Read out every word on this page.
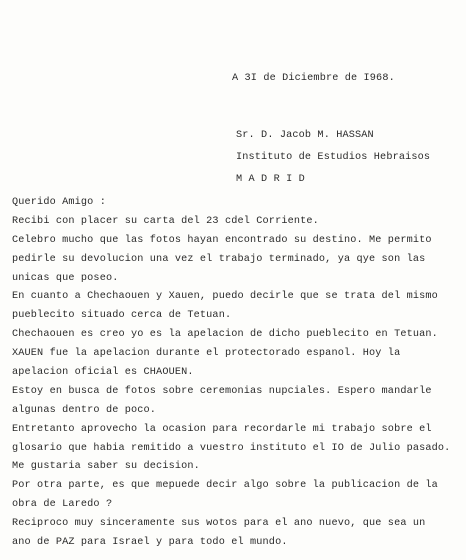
A 3I de Diciembre de I968.
Sr. D. Jacob M. HASSAN
Instituto de Estudios Hebraisos
M A D R I D
Querido Amigo :
Recibi con placer su carta del 23 cdel Corriente.
Celebro mucho que las fotos hayan encontrado su destino. Me permito
pedirle su devolucion una vez el trabajo terminado, ya qye son las
unicas que poseo.
En cuanto a Chechaouen y Xauen, puedo decirle que se trata del mismo
pueblecito situado cerca de Tetuan.
Chechaouen es creo yo es la apelacion de dicho pueblecito en Tetuan.
XAUEN fue la apelacion durante el protectorado espanol. Hoy la
apelacion oficial es CHAOUEN.
Estoy en busca de fotos sobre ceremonias nupciales. Espero mandarle
algunas dentro de poco.
Entretanto aprovecho la ocasion para recordarle mi trabajo sobre el
glosario que habia remitido a vuestro instituto el IO de Julio pasado.
Me gustaria saber su decision.
Por otra parte, es que mepuede decir algo sobre la publicacion de la
obra de Laredo ?
Reciproco muy sinceramente sus wotos para el ano nuevo, que sea un
ano de PAZ para Israel y para todo el mundo.
